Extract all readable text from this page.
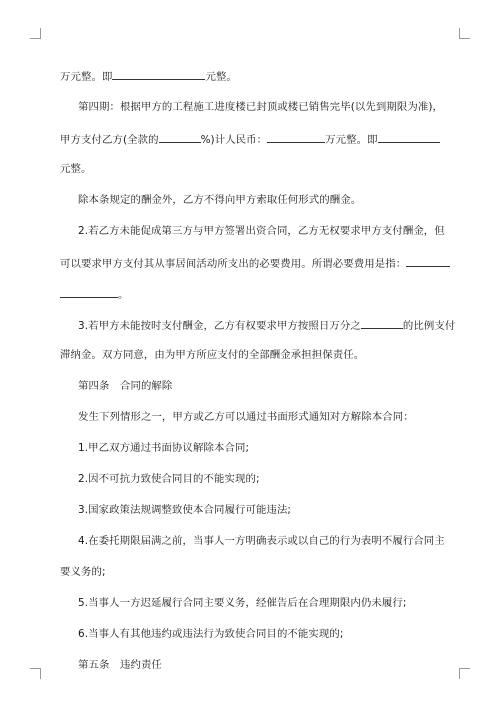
万元整。即	元整。
第四期：根据甲方的工程施工进度楼已封顶或楼已销售完毕(以先到期限为准)，
甲方支付乙方(全款的	%)计人民币：	万元整。即
元整。
除本条规定的酬金外，乙方不得向甲方索取任何形式的酬金。
2.若乙方未能促成第三方与甲方签署出资合同，乙方无权要求甲方支付酬金，但
可以要求甲方支付其从事居间活动所支出的必要费用。所谓必要费用是指：
。
3.若甲方未能按时支付酬金，乙方有权要求甲方按照日万分之	的比例支付
滞纳金。双方同意，由为甲方所应支付的全部酬金承担担保责任。
第四条　合同的解除
发生下列情形之一，甲方或乙方可以通过书面形式通知对方解除本合同：
1.甲乙双方通过书面协议解除本合同;
2.因不可抗力致使合同目的不能实现的;
3.国家政策法规调整致使本合同履行可能违法;
4.在委托期限届满之前，当事人一方明确表示或以自己的行为表明不履行合同主
要义务的;
5.当事人一方迟延履行合同主要义务，经催告后在合理期限内仍未履行;
6.当事人有其他违约或违法行为致使合同目的不能实现的;
第五条　违约责任
